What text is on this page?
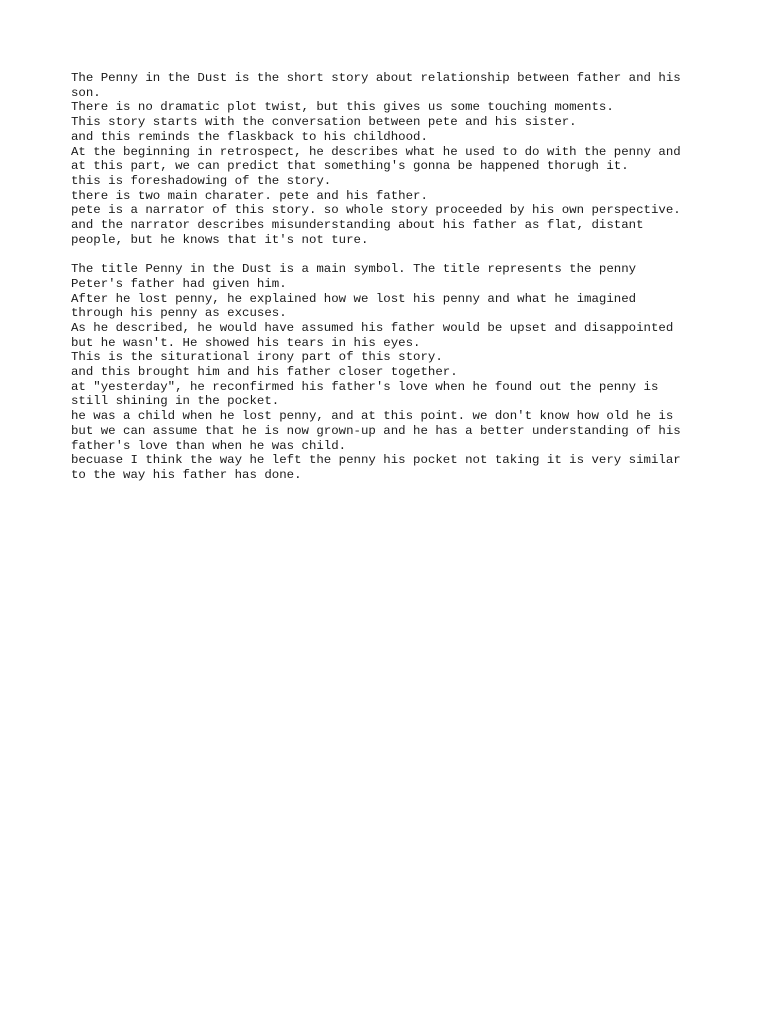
The Penny in the Dust is the short story about relationship between father and his
son.
There is no dramatic plot twist, but this gives us some touching moments.
This story starts with the conversation between pete and his sister.
and this reminds the flaskback to his childhood.
At the beginning in retrospect, he describes what he used to do with the penny and
at this part, we can predict that something's gonna be happened thorugh it.
this is foreshadowing of the story.
there is two main charater. pete and his father.
pete is a narrator of this story. so whole story proceeded by his own perspective.
and the narrator describes misunderstanding about his father as flat, distant
people, but he knows that it's not ture.
The title Penny in the Dust is a main symbol. The title represents the penny
Peter's father had given him.
After he lost penny, he explained how we lost his penny and what he imagined
through his penny as excuses.
As he described, he would have assumed his father would be upset and disappointed
but he wasn't. He showed his tears in his eyes.
This is the siturational irony part of this story.
and this brought him and his father closer together.
at "yesterday", he reconfirmed his father's love when he found out the penny is
still shining in the pocket.
he was a child when he lost penny, and at this point. we don't know how old he is
but we can assume that he is now grown-up and he has a better understanding of his
father's love than when he was child.
becuase I think the way he left the penny his pocket not taking it is very similar
to the way his father has done.
